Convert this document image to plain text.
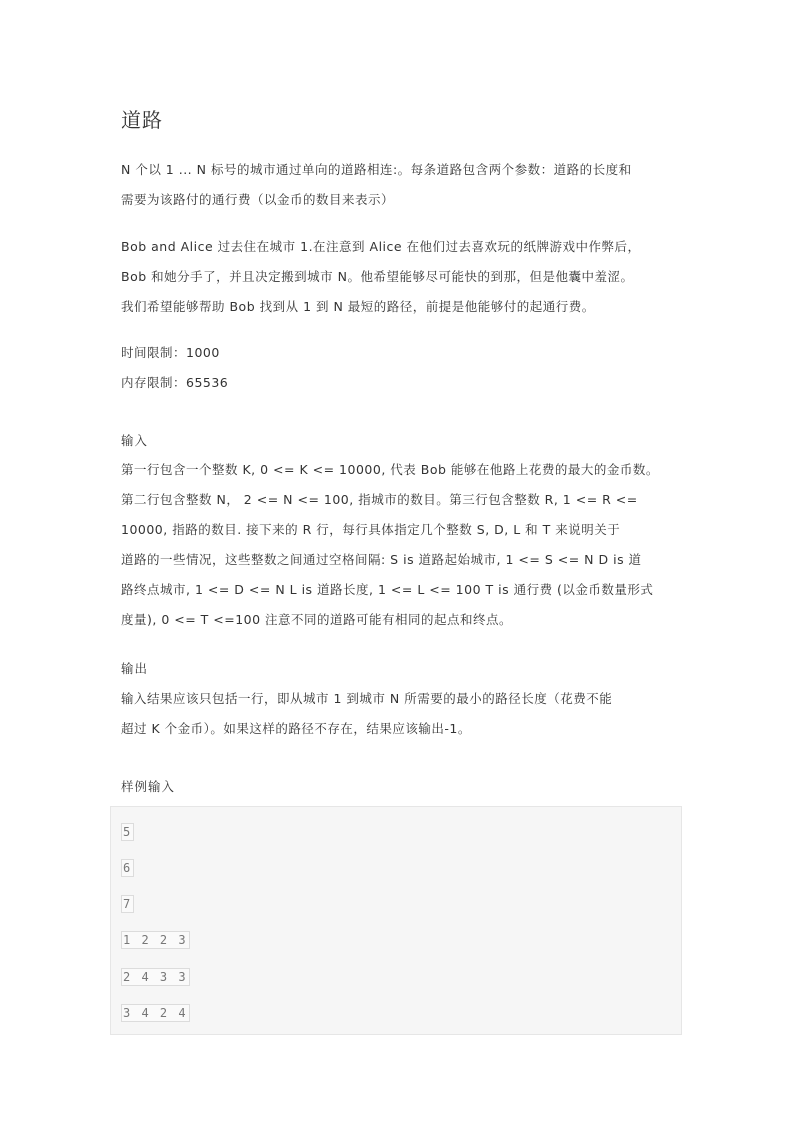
道路
N 个以 1 ... N 标号的城市通过单向的道路相连:。每条道路包含两个参数：道路的长度和
需要为该路付的通行费（以金币的数目来表示）
Bob and Alice 过去住在城市 1.在注意到 Alice 在他们过去喜欢玩的纸牌游戏中作弊后，
Bob 和她分手了，并且决定搬到城市 N。他希望能够尽可能快的到那，但是他囊中羞涩。
我们希望能够帮助 Bob 找到从 1 到 N 最短的路径，前提是他能够付的起通行费。
时间限制：1000
内存限制：65536
输入
第一行包含一个整数 K, 0 <= K <= 10000, 代表 Bob 能够在他路上花费的最大的金币数。
第二行包含整数 N， 2 <= N <= 100, 指城市的数目。第三行包含整数 R, 1 <= R <=
10000, 指路的数目. 接下来的 R 行，每行具体指定几个整数 S, D, L 和 T 来说明关于
道路的一些情况，这些整数之间通过空格间隔: S is 道路起始城市, 1 <= S <= N D is 道
路终点城市, 1 <= D <= N L is 道路长度, 1 <= L <= 100 T is 通行费 (以金币数量形式
度量), 0 <= T <=100 注意不同的道路可能有相同的起点和终点。
输出
输入结果应该只包括一行，即从城市 1 到城市 N 所需要的最小的路径长度（花费不能
超过 K 个金币）。如果这样的路径不存在，结果应该输出-1。
样例输入
5
6
7
1 2 2 3
2 4 3 3
3 4 2 4
